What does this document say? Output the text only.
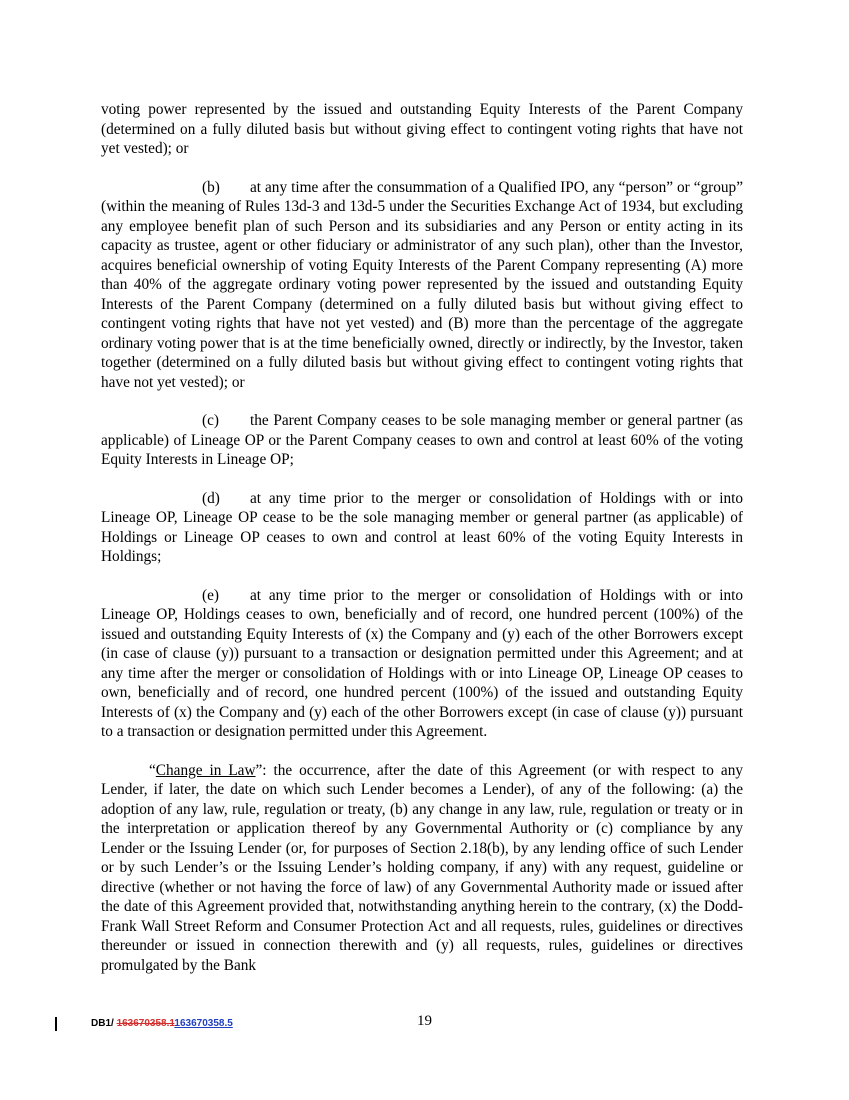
voting power represented by the issued and outstanding Equity Interests of the Parent Company (determined on a fully diluted basis but without giving effect to contingent voting rights that have not yet vested); or

(b) at any time after the consummation of a Qualified IPO, any “person” or “group” (within the meaning of Rules 13d-3 and 13d-5 under the Securities Exchange Act of 1934, but excluding any employee benefit plan of such Person and its subsidiaries and any Person or entity acting in its capacity as trustee, agent or other fiduciary or administrator of any such plan), other than the Investor, acquires beneficial ownership of voting Equity Interests of the Parent Company representing (A) more than 40% of the aggregate ordinary voting power represented by the issued and outstanding Equity Interests of the Parent Company (determined on a fully diluted basis but without giving effect to contingent voting rights that have not yet vested) and (B) more than the percentage of the aggregate ordinary voting power that is at the time beneficially owned, directly or indirectly, by the Investor, taken together (determined on a fully diluted basis but without giving effect to contingent voting rights that have not yet vested); or

(c) the Parent Company ceases to be sole managing member or general partner (as applicable) of Lineage OP or the Parent Company ceases to own and control at least 60% of the voting Equity Interests in Lineage OP;

(d) at any time prior to the merger or consolidation of Holdings with or into Lineage OP, Lineage OP cease to be the sole managing member or general partner (as applicable) of Holdings or Lineage OP ceases to own and control at least 60% of the voting Equity Interests in Holdings;

(e) at any time prior to the merger or consolidation of Holdings with or into Lineage OP, Holdings ceases to own, beneficially and of record, one hundred percent (100%) of the issued and outstanding Equity Interests of (x) the Company and (y) each of the other Borrowers except (in case of clause (y)) pursuant to a transaction or designation permitted under this Agreement; and at any time after the merger or consolidation of Holdings with or into Lineage OP, Lineage OP ceases to own, beneficially and of record, one hundred percent (100%) of the issued and outstanding Equity Interests of (x) the Company and (y) each of the other Borrowers except (in case of clause (y)) pursuant to a transaction or designation permitted under this Agreement.

“Change in Law”: the occurrence, after the date of this Agreement (or with respect to any Lender, if later, the date on which such Lender becomes a Lender), of any of the following: (a) the adoption of any law, rule, regulation or treaty, (b) any change in any law, rule, regulation or treaty or in the interpretation or application thereof by any Governmental Authority or (c) compliance by any Lender or the Issuing Lender (or, for purposes of Section 2.18(b), by any lending office of such Lender or by such Lender’s or the Issuing Lender’s holding company, if any) with any request, guideline or directive (whether or not having the force of law) of any Governmental Authority made or issued after the date of this Agreement provided that, notwithstanding anything herein to the contrary, (x) the Dodd-Frank Wall Street Reform and Consumer Protection Act and all requests, rules, guidelines or directives thereunder or issued in connection therewith and (y) all requests, rules, guidelines or directives promulgated by the Bank

DB1/ 163670358.1163670358.5	19
